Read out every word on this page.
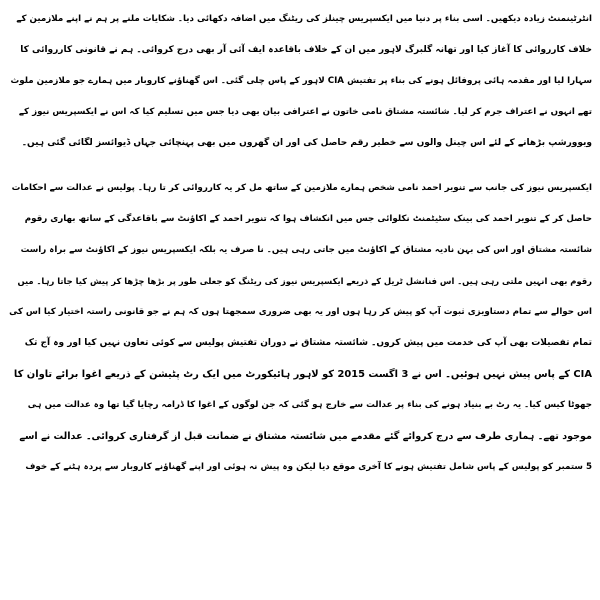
انٹرٹینمنٹ زیادہ دیکھیں۔ اسی بناء پر دنیا میں ایکسپریس چینلز کی ریٹنگ میں اضافہ دکھائی دیا۔ شکایات ملنے پر ہم نے اپنے ملازمین کے
خلاف کارروائی کا آغاز کیا اور تھانہ گلبرگ لاہور میں ان کے خلاف باقاعدہ ایف آئی آر بھی درج کروائی۔ ہم نے قانونی کارروائی کا
سہارا لیا اور مقدمہ ہائی پروفائل ہونے کی بناء پر تفتیش CIA لاہور کے پاس چلی گئی۔ اس گھناؤنے کاروبار میں ہمارے جو ملازمین ملوث
تھے انہوں نے اعتراف جرم کر لیا۔ شائستہ مشتاق نامی خاتون نے اعترافی بیان بھی دیا جس میں تسلیم کیا کہ اس نے ایکسپریس نیوز کے
ویوورشپ بڑھانے کے لئے اس چینل والوں سے خطیر رقم حاصل کی اور ان گھروں میں بھی پہنچائی جہاں ڈیوائسز لگائی گئی ہیں۔
ایکسپریس نیوز کی جانب سے تنویر احمد نامی شخص ہمارے ملازمین کے ساتھ مل کر یہ کارروائی کر تا رہا۔ پولیس نے عدالت سے احکامات
حاصل کر کے تنویر احمد کی بینک سٹیٹمنٹ نکلوائی جس میں انکشاف ہوا کہ تنویر احمد کے اکاؤنٹ سے باقاعدگی کے ساتھ بھاری رقوم
شائستہ مشتاق اور اس کی بہن نادیہ مشتاق کے اکاؤنٹ میں جاتی رہی ہیں۔ نا صرف یہ بلکہ ایکسپریس نیوز کے اکاؤنٹ سے براہ راست
رقوم بھی انہیں ملتی رہی ہیں۔ اس فنانشل ٹریل کے ذریعے ایکسپریس نیوز کی ریٹنگ کو جعلی طور پر بڑھا چڑھا کر پیش کیا جاتا رہا۔ میں
اس حوالے سے تمام دستاویزی ثبوت آپ کو پیش کر رہا ہوں اور یہ بھی ضروری سمجھتا ہوں کہ ہم نے جو قانونی راستہ اختیار کیا اس کی
تمام تفصیلات بھی آپ کی خدمت میں پیش کروں۔ شائستہ مشتاق نے دوران تفتیش پولیس سے کوئی تعاون نہیں کیا اور وہ آج تک
CIA کے پاس پیش نہیں ہوئیں۔ اس نے 3 اگست 2015 کو لاہور ہائیکورٹ میں ایک رٹ پٹیشن کے ذریعے اغوا برائے تاوان کا
جھوٹا کیس کیا۔ یہ رٹ بے بنیاد ہونے کی بناء پر عدالت سے خارج ہو گئی کہ جن لوگوں کے اغوا کا ڈرامہ رچایا گیا تھا وہ عدالت میں ہی
موجود تھے۔ ہماری طرف سے درج کروائے گئے مقدمے میں شائستہ مشتاق نے ضمانت قبل از گرفتاری کروائی۔ عدالت نے اسے
5 ستمبر کو پولیس کے پاس شامل تفتیش ہونے کا آخری موقع دیا لیکن وہ پیش نہ ہوئی اور اپنے گھناؤنے کاروبار سے پردہ ہٹنے کے خوف
